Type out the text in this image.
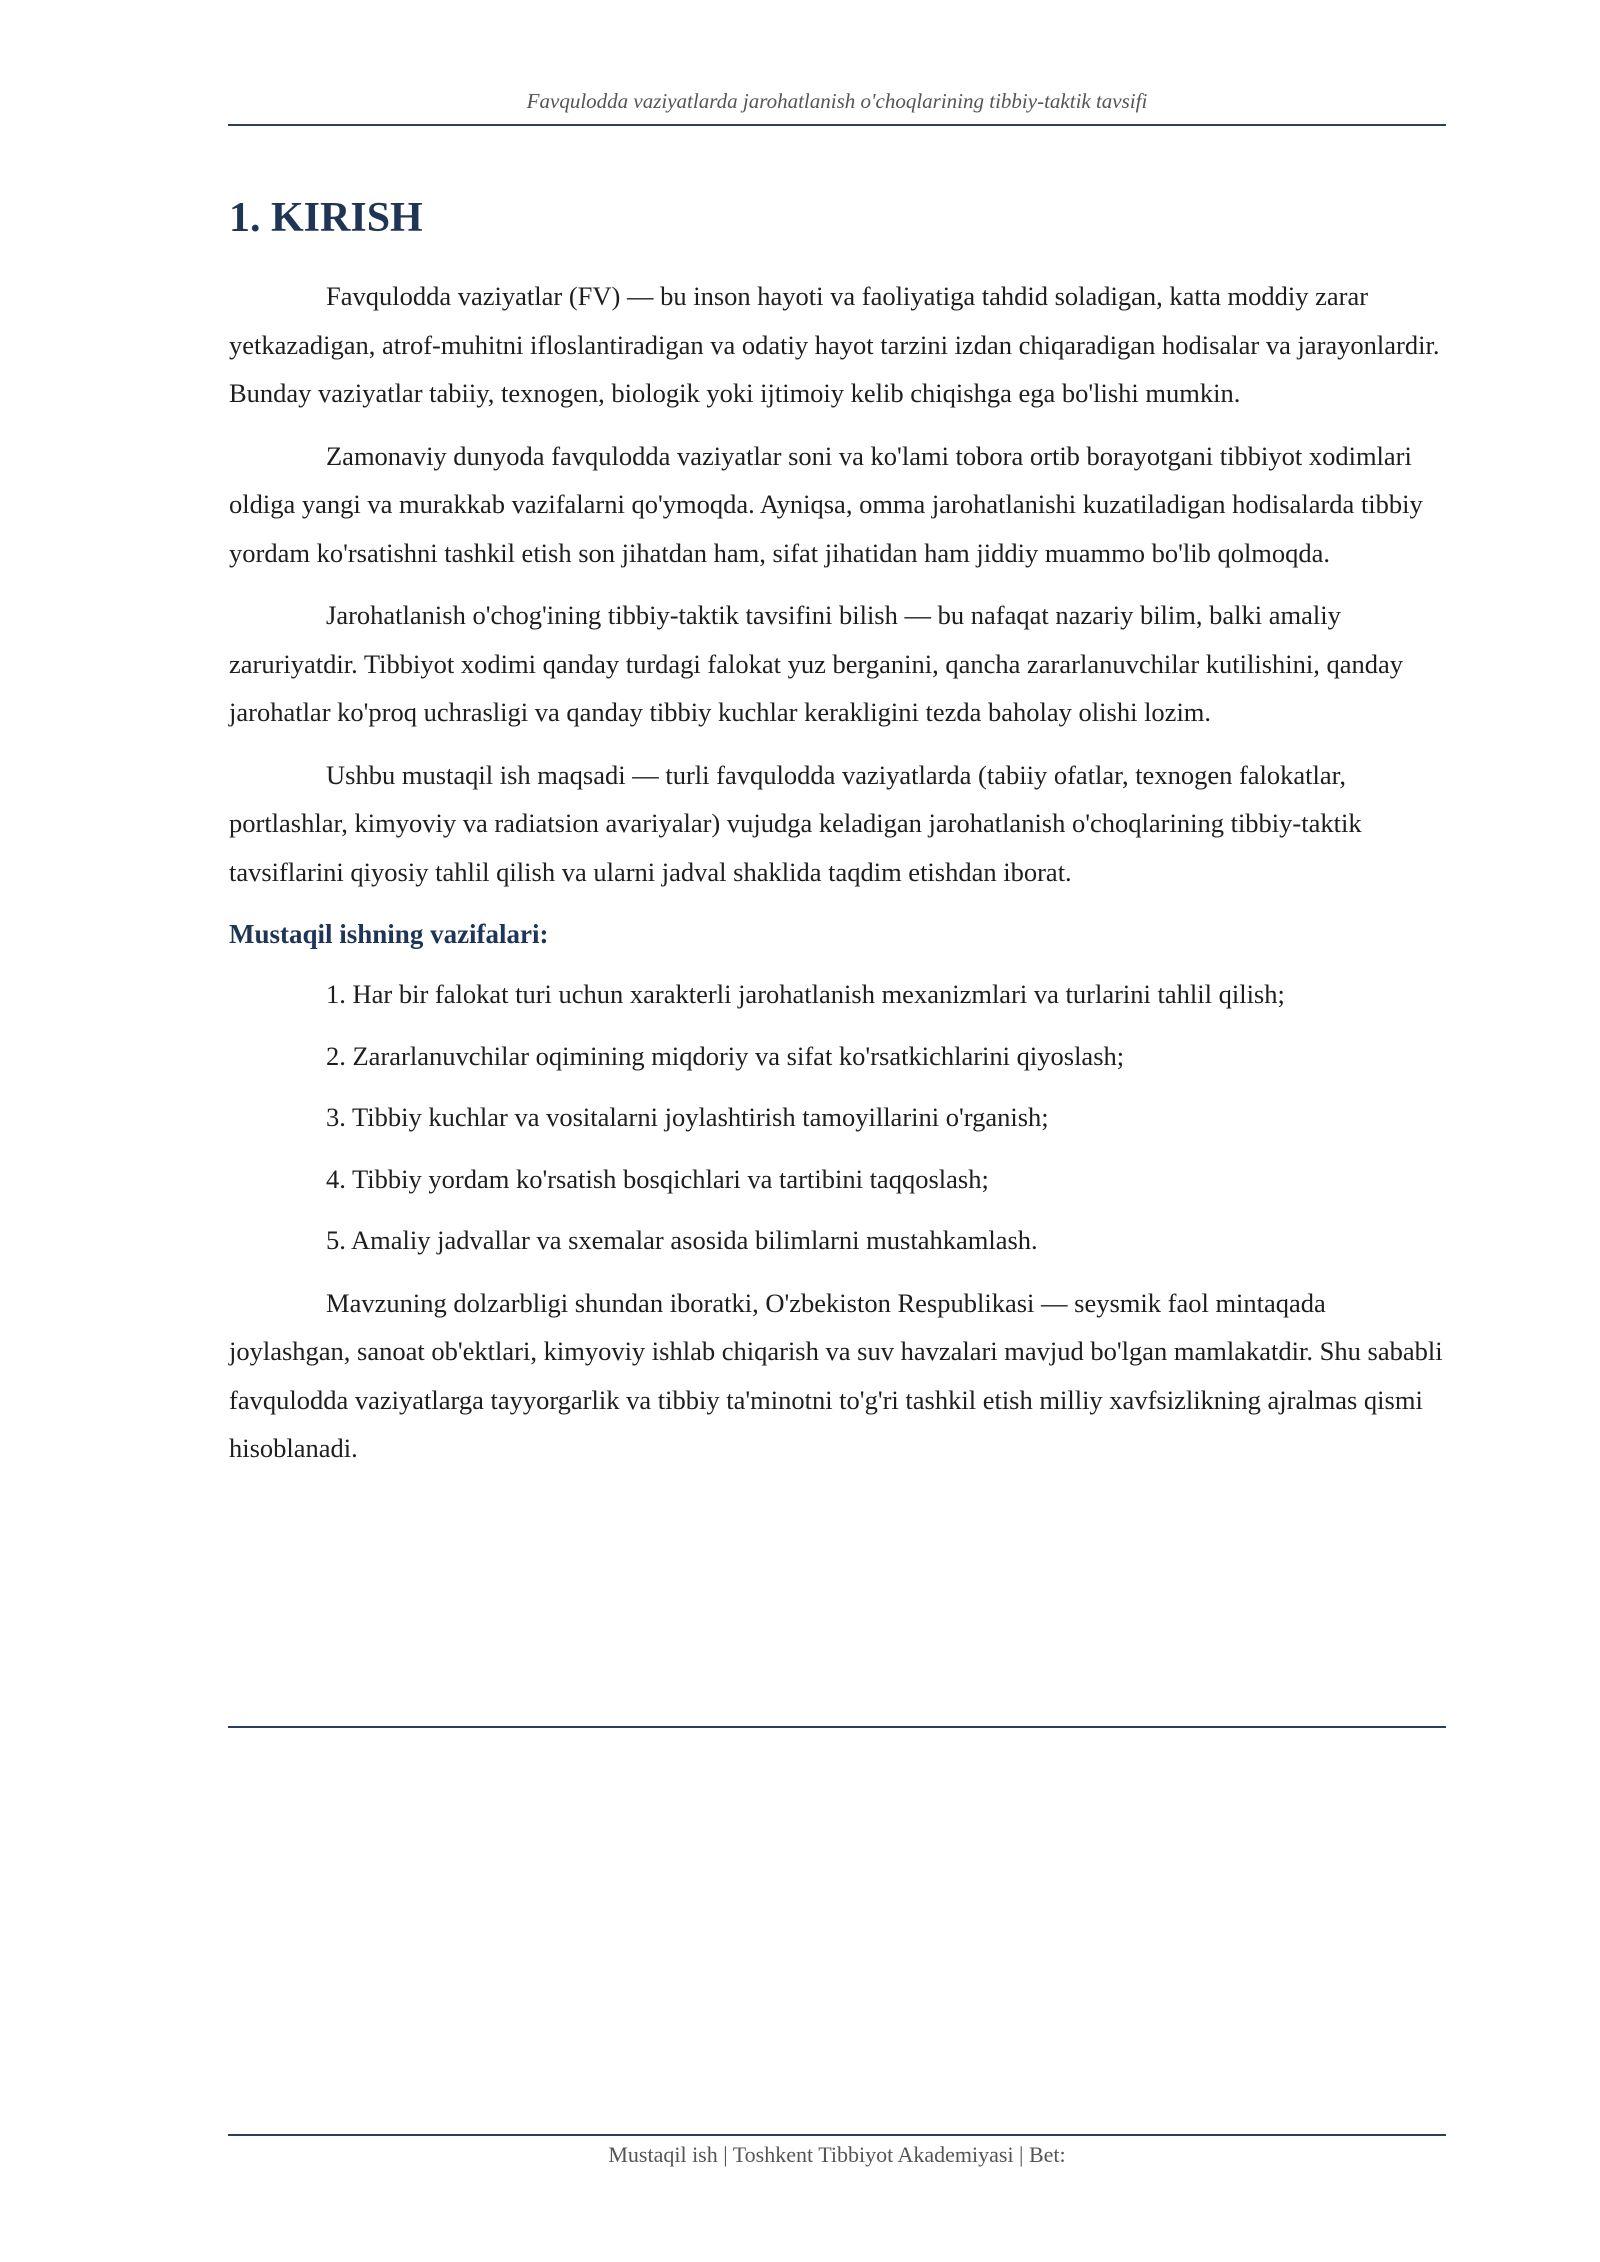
Favqulodda vaziyatlarda jarohatlanish o'choqlarining tibbiy-taktik tavsifi
1. KIRISH

Favqulodda vaziyatlar (FV) — bu inson hayoti va faoliyatiga tahdid soladigan, katta moddiy zarar yetkazadigan, atrof-muhitni ifloslantiradigan va odatiy hayot tarzini izdan chiqaradigan hodisalar va jarayonlardir. Bunday vaziyatlar tabiiy, texnogen, biologik yoki ijtimoiy kelib chiqishga ega bo'lishi mumkin.

Zamonaviy dunyoda favqulodda vaziyatlar soni va ko'lami tobora ortib borayotgani tibbiyot xodimlari oldiga yangi va murakkab vazifalarni qo'ymoqda. Ayniqsa, omma jarohatlanishi kuzatiladigan hodisalarda tibbiy yordam ko'rsatishni tashkil etish son jihatdan ham, sifat jihatidan ham jiddiy muammo bo'lib qolmoqda.

Jarohatlanish o'chog'ining tibbiy-taktik tavsifini bilish — bu nafaqat nazariy bilim, balki amaliy zaruriyatdir. Tibbiyot xodimi qanday turdagi falokat yuz berganini, qancha zararlanuvchilar kutilishini, qanday jarohatlar ko'proq uchrasligi va qanday tibbiy kuchlar kerakligini tezda baholay olishi lozim.

Ushbu mustaqil ish maqsadi — turli favqulodda vaziyatlarda (tabiiy ofatlar, texnogen falokatlar, portlashlar, kimyoviy va radiatsion avariyalar) vujudga keladigan jarohatlanish o'choqlarining tibbiy-taktik tavsiflarini qiyosiy tahlil qilish va ularni jadval shaklida taqdim etishdan iborat.

Mustaqil ishning vazifalari:
1. Har bir falokat turi uchun xarakterli jarohatlanish mexanizmlari va turlarini tahlil qilish;
2. Zararlanuvchilar oqimining miqdoriy va sifat ko'rsatkichlarini qiyoslash;
3. Tibbiy kuchlar va vositalarni joylashtirish tamoyillarini o'rganish;
4. Tibbiy yordam ko'rsatish bosqichlari va tartibini taqqoslash;
5. Amaliy jadvallar va sxemalar asosida bilimlarni mustahkamlash.

Mavzuning dolzarbligi shundan iboratki, O'zbekiston Respublikasi — seysmik faol mintaqada joylashgan, sanoat ob'ektlari, kimyoviy ishlab chiqarish va suv havzalari mavjud bo'lgan mamlakatdir. Shu sababli favqulodda vaziyatlarga tayyorgarlik va tibbiy ta'minotni to'g'ri tashkil etish milliy xavfsizlikning ajralmas qismi hisoblanadi.

Mustaqil ish | Toshkent Tibbiyot Akademiyasi | Bet:
